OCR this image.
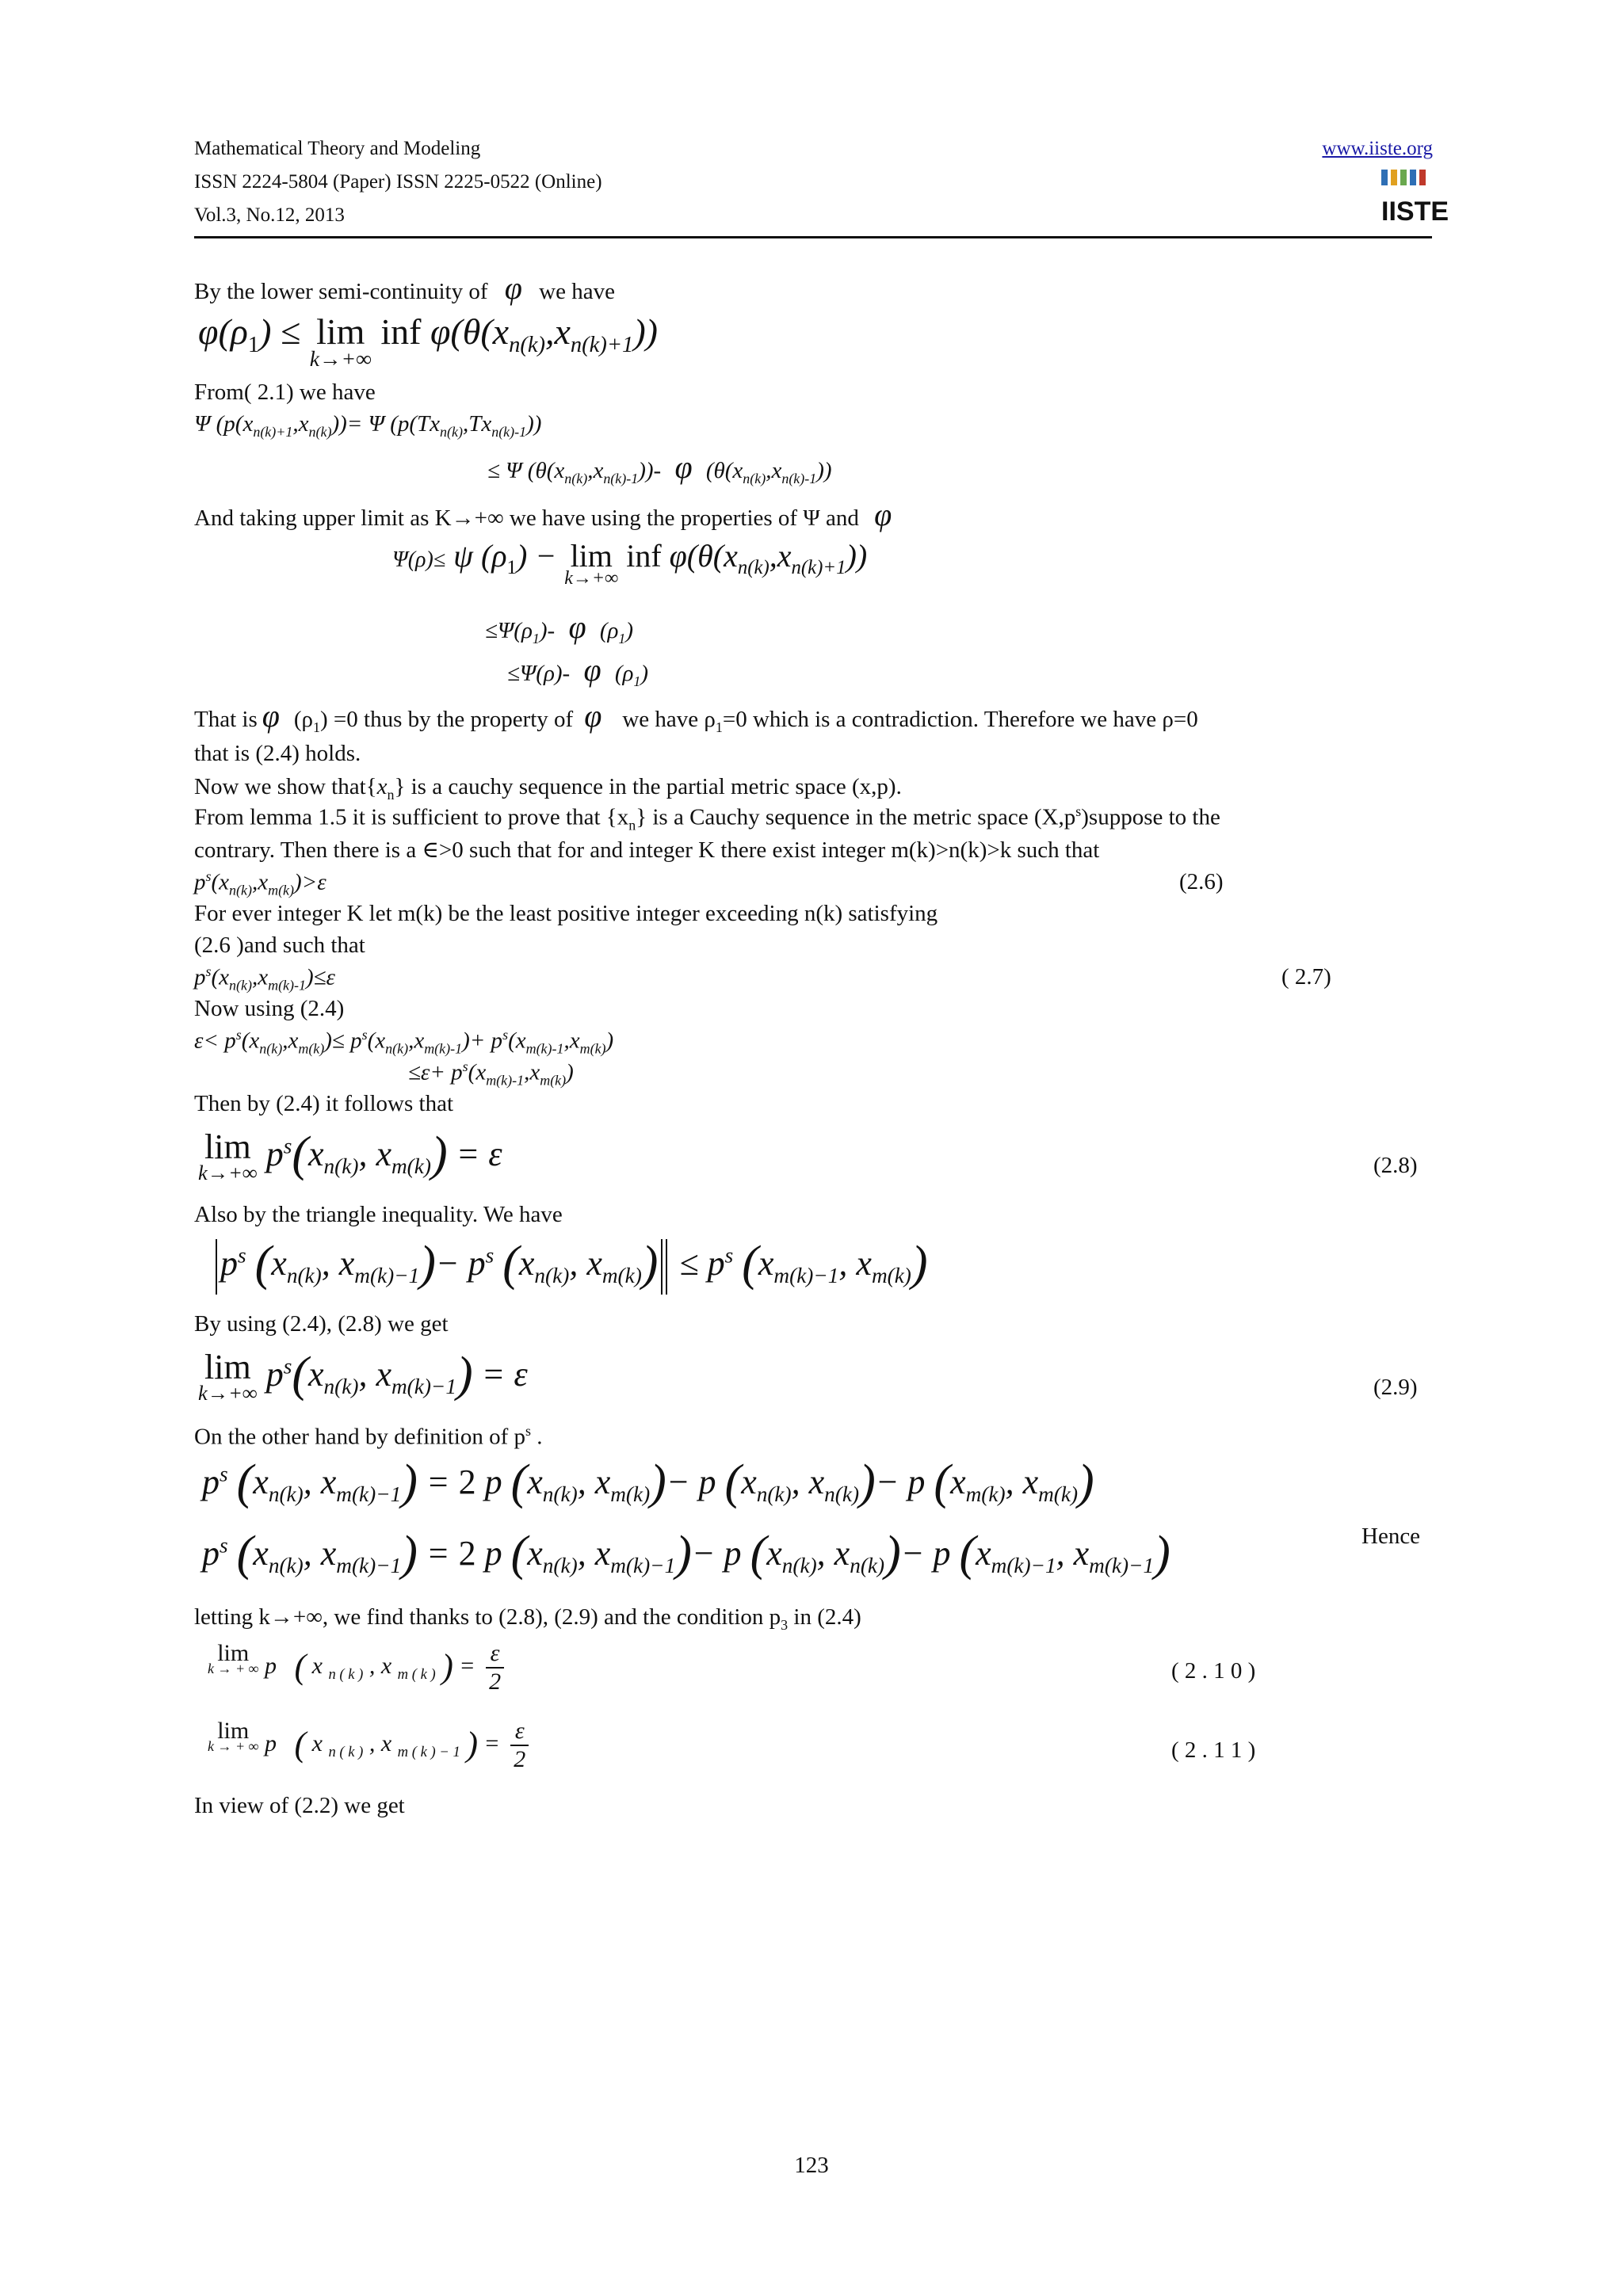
Mathematical Theory and Modeling
ISSN 2224-5804 (Paper) ISSN 2225-0522 (Online)
Vol.3, No.12, 2013
www.iiste.org
IISTE
By the lower semi-continuity of φ we have
$\varphi(\rho_1) \le \lim$
k→+∞
inf $\varphi(\theta(x_{n(k)},x_{n(k)+1}))$
From( 2.1) we have
Ψ $(p(x_{n(k)+1},x_{n(k)}))= \Psi$ $(p(Tx_{n(k)},Tx_{n(k)-1}))$
≤ Ψ $(\theta(x_{n(k)},x_{n(k)-1}))-$ φ $(\theta(x_{n(k)},x_{n(k)-1}))$
And taking upper limit as K→+∞ we have using the properties of Ψ and φ
Ψ(ρ)≤ ψ $(\rho_1) - \lim$
k→+∞
inf $\varphi(\theta(x_{n(k)},x_{n(k)+1}))$
$\le\Psi(\rho_1)-$ φ $(\rho_1)$
≤Ψ(ρ)- φ $(\rho_1)$
That is φ $(\rho_1) =0$ thus by the property of φ we have $\rho_1=0$ which is a contradiction. Therefore we have ρ=0
that is (2.4) holds.
Now we show $that\{x_n\}$ is a cauchy sequence in the partial metric space (x,p).
From lemma 1.5 it is sufficient to prove that $\{x_n\}$ is a Cauchy sequence in the metric space $(X,p^s)suppose$ to the
contrary. Then there is a ∈>0 such that for and integer K there exist integer m(k)>n(k)>k such that
$p^s(x_{n(k)},x_{m(k)})>\varepsilon$	(2.6)
For ever integer K let m(k) be the least positive integer exceeding n(k) satisfying
(2.6 )and such that
$p^s(x_{n(k)},x_{m(k)-1})\le\varepsilon$	( 2.7)
Now using (2.4)
$\varepsilon< p^s(x_{n(k)},x_{m(k)})\le p^s(x_{n(k)},x_{m(k)-1})+ p^s(x_{m(k)-1},x_{m(k)})$
$\le\varepsilon+ p^s(x_{m(k)-1},x_{m(k)})$
Then by (2.4) it follows that
lim
k→+∞ $p^s(x_{n(k)}$, $x_{m(k)}) = \varepsilon$	(2.8)
Also by the triangle inequality. We have
$p^s$ ($x_{n(k)}$, $x_{m(k)-1})- p^s$ ($x_{n(k)}$, $x_{m(k)}) \le p^s$ ($x_{m(k)-1}$, $x_{m(k)}$)
By using (2.4), (2.8) we get
lim
k→+∞ $p^s(x_{n(k)}$, $x_{m(k)-1}) = \varepsilon$	(2.9)
On the other hand by definition of $p^s$ .
$p^s$ ($x_{n(k)}$, $x_{m(k)-1}) = 2$ p ($x_{n(k)}$, $x_{m(k)})- p$ ($x_{n(k)}$, $x_{n(k)})- p$ ($x_{m(k)}$, $x_{m(k)}$)
$p^s$ ($x_{n(k)}$, $x_{m(k)-1}) = 2$ p ($x_{n(k)}$, $x_{m(k)-1})- p$ ($x_{n(k)}$, $x_{n(k)})- p$ ($x_{m(k)-1}$, $x_{m(k)-1}$)	Hence
letting k→+∞, we find thanks to (2.8), (2.9) and the condition $p_3$ in (2.4)
lim
k → + ∞ p   ( x $_{n ( k )}$ , x $_{m ( k )}$ ) = $\frac{\varepsilon}{2}$	( 2 . 1 0 )
lim
k → + ∞ p   ( x $_{n ( k )}$ , x $_{m ( k ) - 1}$ ) = $\frac{\varepsilon}{2}$	( 2 . 1 1 )
In view of (2.2) we get
123
